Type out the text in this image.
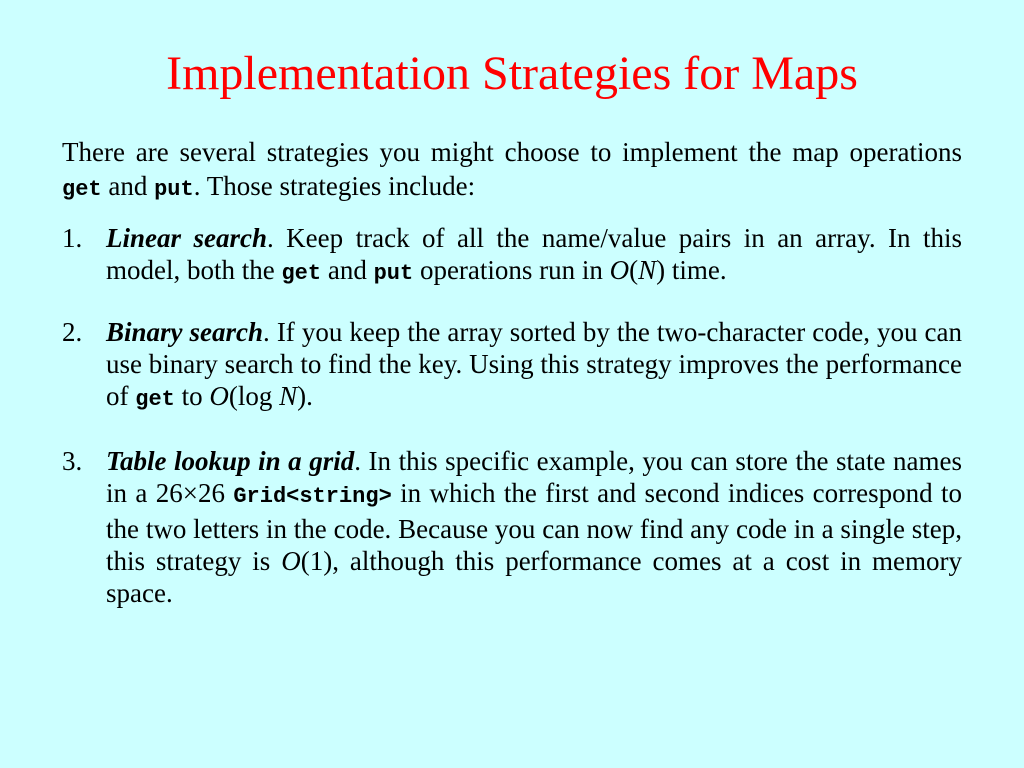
Implementation Strategies for Maps

There are several strategies you might choose to implement the map operations get and put. Those strategies include:

1. Linear search. Keep track of all the name/value pairs in an array. In this model, both the get and put operations run in O(N) time.
2. Binary search. If you keep the array sorted by the two-character code, you can use binary search to find the key. Using this strategy improves the performance of get to O(log N).
3. Table lookup in a grid. In this specific example, you can store the state names in a 26×26 Grid<string> in which the first and second indices correspond to the two letters in the code. Because you can now find any code in a single step, this strategy is O(1), although this performance comes at a cost in memory space.
